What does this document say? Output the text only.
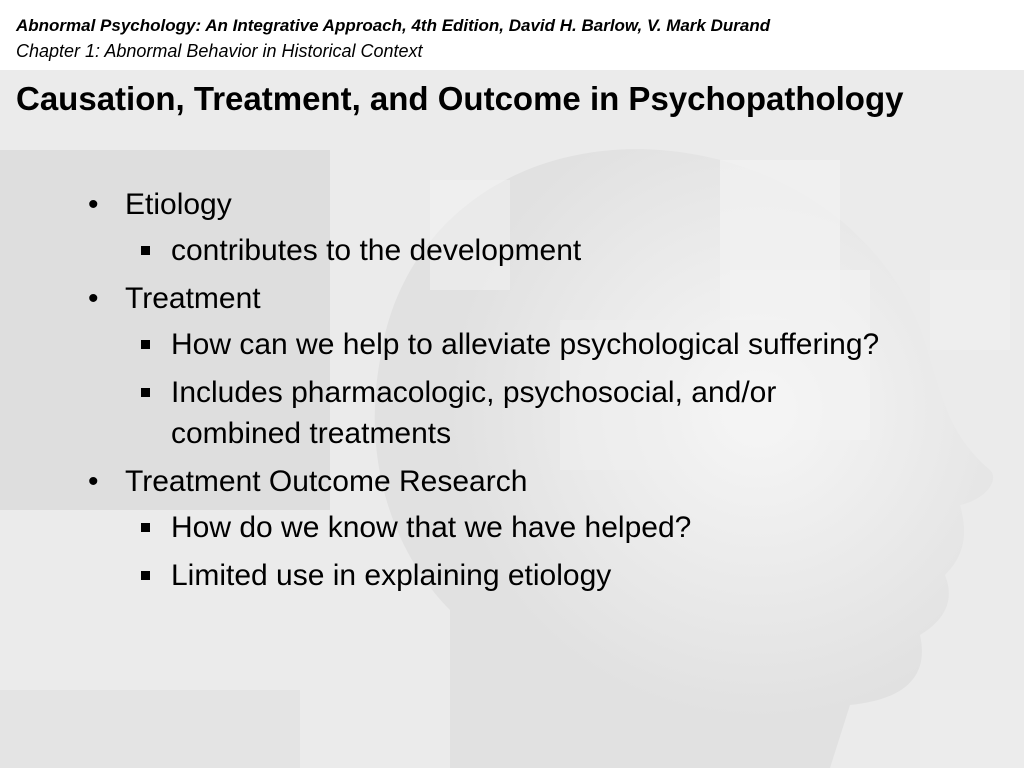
Abnormal Psychology: An Integrative Approach, 4th Edition, David H. Barlow, V. Mark Durand
Chapter 1: Abnormal Behavior in Historical Context
Causation, Treatment, and Outcome in Psychopathology
• Etiology
contributes to the development
• Treatment
How can we help to alleviate psychological suffering?
Includes pharmacologic, psychosocial, and/or combined treatments
• Treatment Outcome Research
How do we know that we have helped?
Limited use in explaining etiology
